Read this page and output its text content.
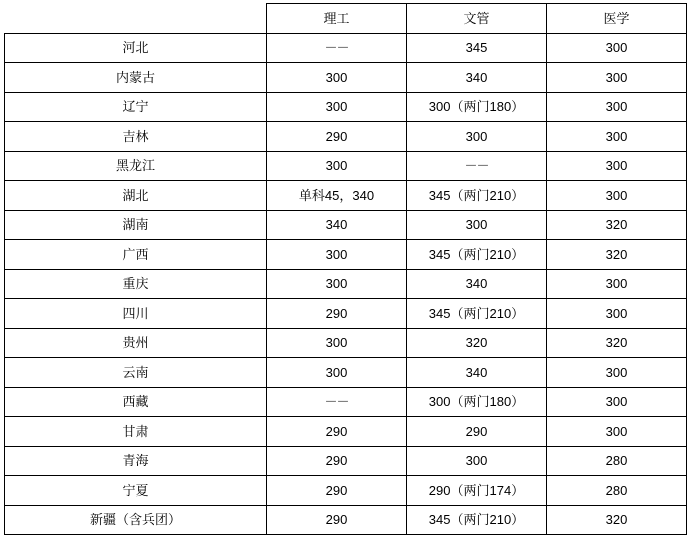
	理工	文管	医学
河北	－－	345	300
内蒙古	300	340	300
辽宁	300	300（两门180）	300
吉林	290	300	300
黑龙江	300	－－	300
湖北	单科45，340	345（两门210）	300
湖南	340	300	320
广西	300	345（两门210）	320
重庆	300	340	300
四川	290	345（两门210）	300
贵州	300	320	320
云南	300	340	300
西藏	－－	300（两门180）	300
甘肃	290	290	300
青海	290	300	280
宁夏	290	290（两门174）	280
新疆（含兵团）	290	345（两门210）	320
